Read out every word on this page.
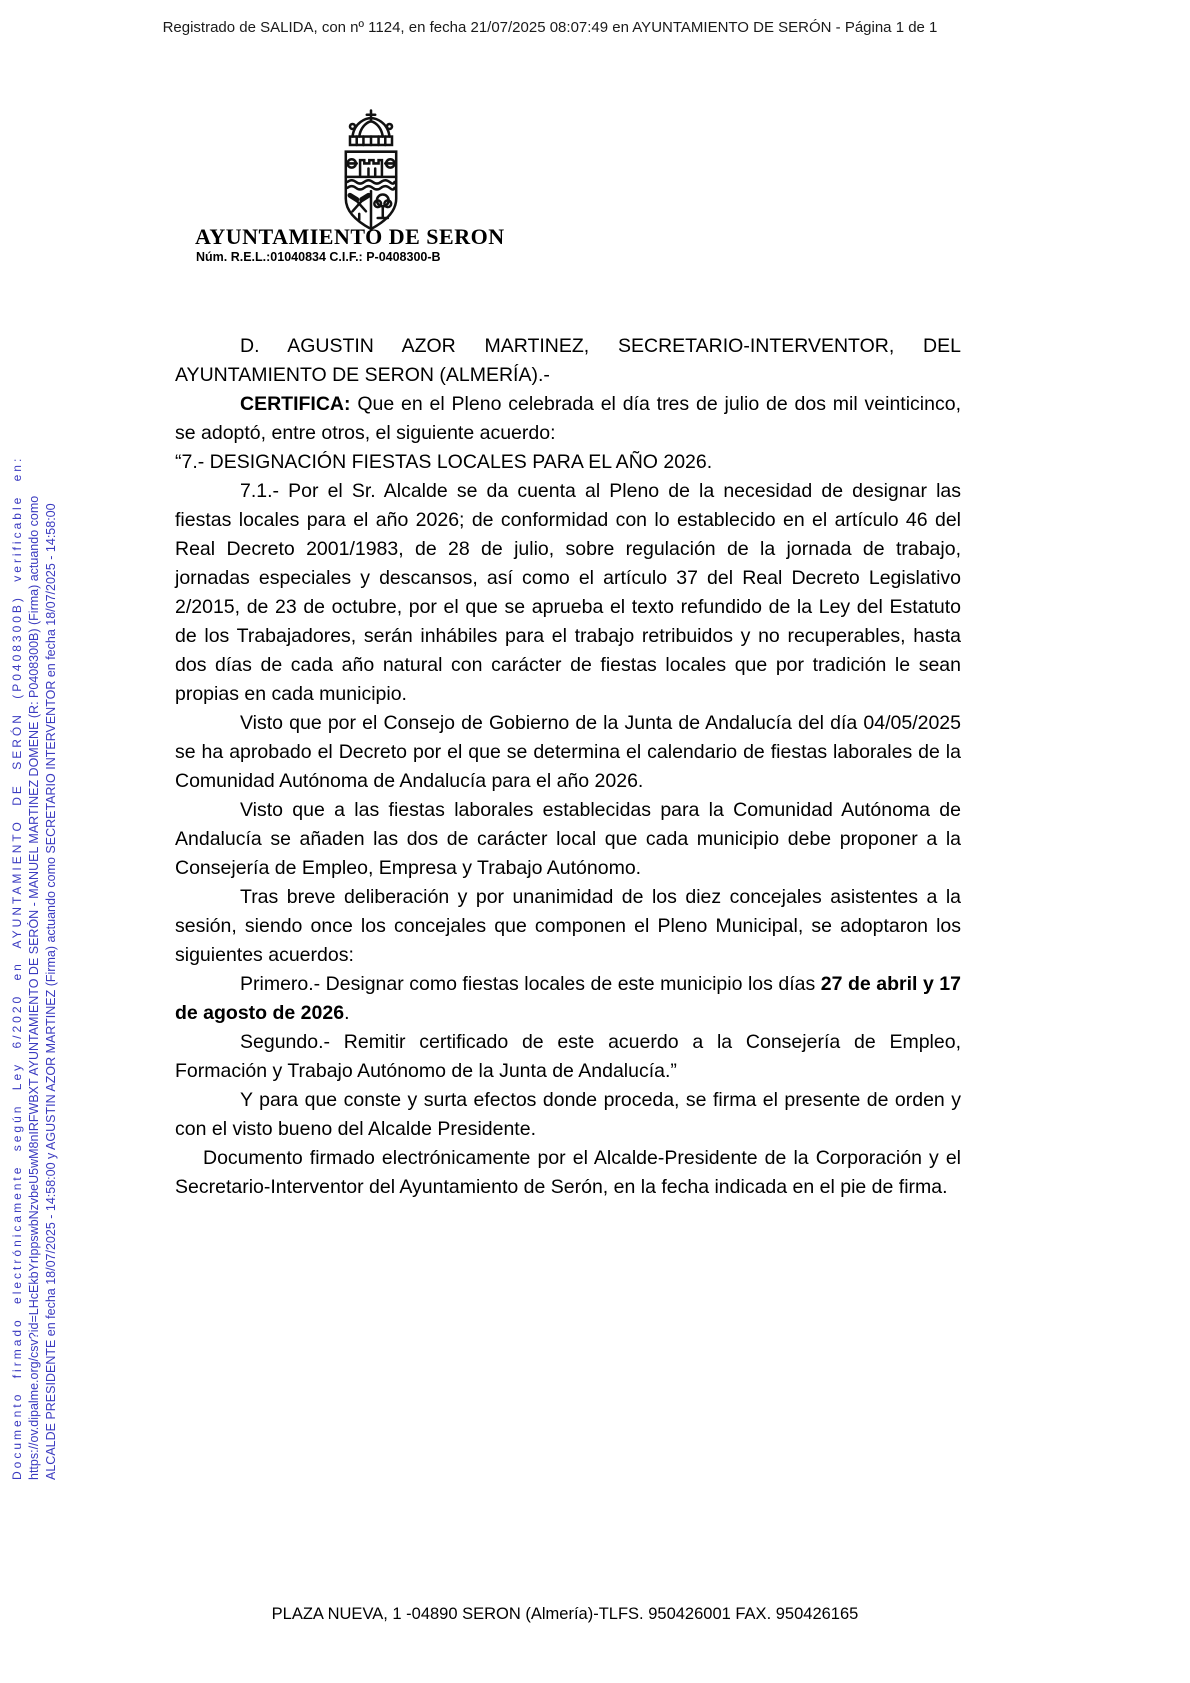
Registrado de SALIDA, con nº 1124, en fecha 21/07/2025 08:07:49 en AYUNTAMIENTO DE SERÓN - Página 1 de 1
Documento firmado electrónicamente según Ley 6/2020 en AYUNTAMIENTO DE SERÓN (P0408300B) verificable en: https://ov.dipalme.org/csv?id=LHcEkbYrIppswbNzvbeU5wM8nIRFWBXT AYUNTAMIENTO DE SERÓN - MANUEL MARTINEZ DOMENE (R: P0408300B) (Firma) actuando como ALCALDE PRESIDENTE en fecha 18/07/2025 - 14:58:00 y AGUSTIN AZOR MARTINEZ (Firma) actuando como SECRETARIO INTERVENTOR en fecha 18/07/2025 - 14:58:00
AYUNTAMIENTO DE SERON
Núm. R.E.L.:01040834 C.I.F.: P-0408300-B

D. AGUSTIN AZOR MARTINEZ, SECRETARIO-INTERVENTOR, DEL AYUNTAMIENTO DE SERON (ALMERÍA).-

CERTIFICA: Que en el Pleno celebrada el día tres de julio de dos mil veinticinco, se adoptó, entre otros, el siguiente acuerdo:

“7.- DESIGNACIÓN FIESTAS LOCALES PARA EL AÑO 2026.

7.1.- Por el Sr. Alcalde se da cuenta al Pleno de la necesidad de designar las fiestas locales para el año 2026; de conformidad con lo establecido en el artículo 46 del Real Decreto 2001/1983, de 28 de julio, sobre regulación de la jornada de trabajo, jornadas especiales y descansos, así como el artículo 37 del Real Decreto Legislativo 2/2015, de 23 de octubre, por el que se aprueba el texto refundido de la Ley del Estatuto de los Trabajadores, serán inhábiles para el trabajo retribuidos y no recuperables, hasta dos días de cada año natural con carácter de fiestas locales que por tradición le sean propias en cada municipio.

Visto que por el Consejo de Gobierno de la Junta de Andalucía del día 04/05/2025 se ha aprobado el Decreto por el que se determina el calendario de fiestas laborales de la Comunidad Autónoma de Andalucía para el año 2026.

Visto que a las fiestas laborales establecidas para la Comunidad Autónoma de Andalucía se añaden las dos de carácter local que cada municipio debe proponer a la Consejería de Empleo, Empresa y Trabajo Autónomo.

Tras breve deliberación y por unanimidad de los diez concejales asistentes a la sesión, siendo once los concejales que componen el Pleno Municipal, se adoptaron los siguientes acuerdos:

Primero.- Designar como fiestas locales de este municipio los días 27 de abril y 17 de agosto de 2026.

Segundo.- Remitir certificado de este acuerdo a la Consejería de Empleo, Formación y Trabajo Autónomo de la Junta de Andalucía.”

Y para que conste y surta efectos donde proceda, se firma el presente de orden y con el visto bueno del Alcalde Presidente.

Documento firmado electrónicamente por el Alcalde-Presidente de la Corporación y el Secretario-Interventor del Ayuntamiento de Serón, en la fecha indicada en el pie de firma.

PLAZA NUEVA, 1 -04890 SERON (Almería)-TLFS. 950426001 FAX. 950426165
